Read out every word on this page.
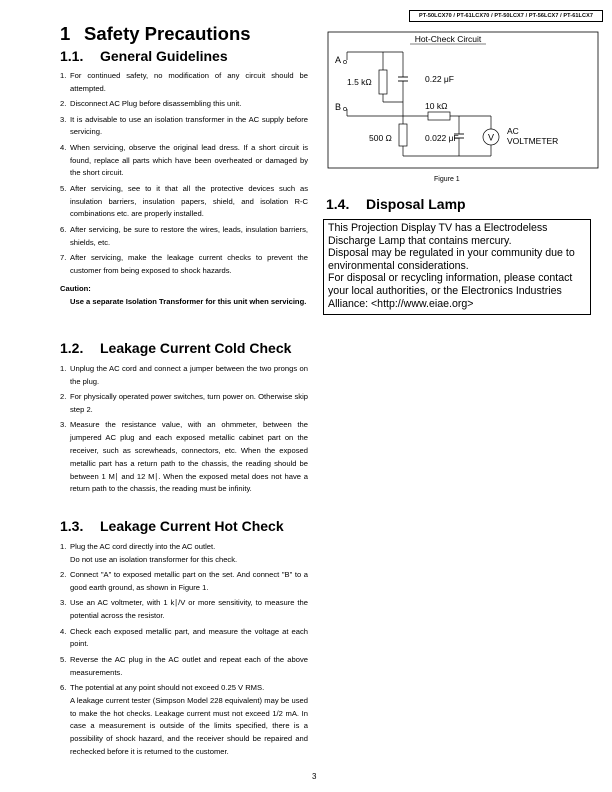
PT-50LCX70 / PT-61LCX70 / PT-50LCX7 / PT-56LCX7 / PT-61LCX7
1 Safety Precautions
1.1. General Guidelines
1. For continued safety, no modification of any circuit should be attempted.
2. Disconnect AC Plug before disassembling this unit.
3. It is advisable to use an isolation transformer in the AC supply before servicing.
4. When servicing, observe the original lead dress. If a short circuit is found, replace all parts which have been overheated or damaged by the short circuit.
5. After servicing, see to it that all the protective devices such as insulation barriers, insulation papers, shield, and isolation R-C combinations etc. are properly installed.
6. After servicing, be sure to restore the wires, leads, insulation barriers, shields, etc.
7. After servicing, make the leakage current checks to prevent the customer from being exposed to shock hazards.
Caution:
Use a separate Isolation Transformer for this unit when servicing.
1.2. Leakage Current Cold Check
1. Unplug the AC cord and connect a jumper between the two prongs on the plug.
2. For physically operated power switches, turn power on. Otherwise skip step 2.
3. Measure the resistance value, with an ohmmeter, between the jumpered AC plug and each exposed metallic cabinet part on the receiver, such as screwheads, connectors, etc. When the exposed metallic part has a return path to the chassis, the reading should be between 1 M∣ and 12 M∣. When the exposed metal does not have a return path to the chassis, the reading must be infinity.
1.3. Leakage Current Hot Check
1. Plug the AC cord directly into the AC outlet.
Do not use an isolation transformer for this check.
2. Connect "A" to exposed metallic part on the set. And connect "B" to a good earth ground, as shown in Figure 1.
3. Use an AC voltmeter, with 1 k∣/V or more sensitivity, to measure the potential across the resistor.
4. Check each exposed metallic part, and measure the voltage at each point.
5. Reverse the AC plug in the AC outlet and repeat each of the above measurements.
6. The potential at any point should not exceed 0.25 V RMS.
A leakage current tester (Simpson Model 228 equivalent) may be used to make the hot checks. Leakage current must not exceed 1/2 mA. In case a measurement is outside of the limits specified, there is a possibility of shock hazard, and the receiver should be repaired and rechecked before it is returned to the customer.
Hot-Check Circuit
A
B
1.5 kΩ	0.22 μF
10 kΩ
500 Ω	0.022 μF	V
AC
VOLTMETER
Figure 1
1.4. Disposal Lamp
This Projection Display TV has a Electrodeless
Discharge Lamp that contains mercury.
Disposal may be regulated in your community due to
environmental considerations.
For disposal or recycling information, please contact
your local authorities, or the Electronics Industries
Alliance: <http://www.eiae.org>
3
